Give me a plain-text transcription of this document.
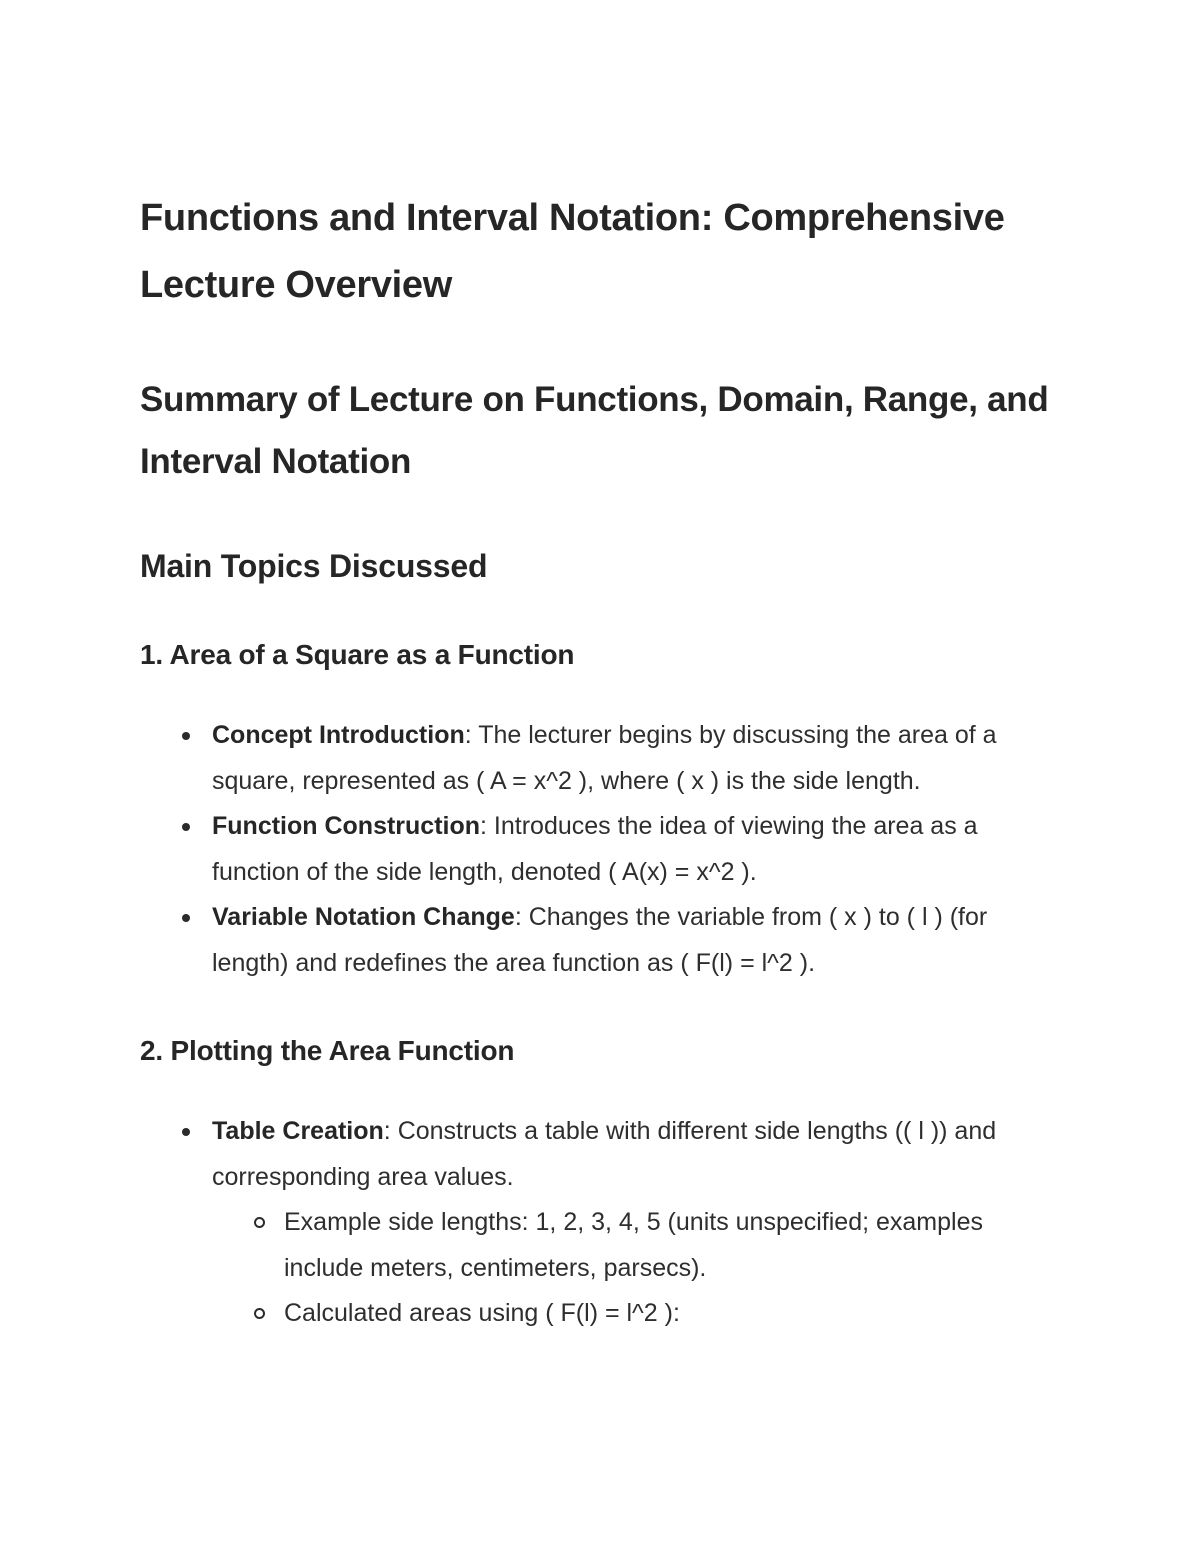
Functions and Interval Notation: Comprehensive Lecture Overview
Summary of Lecture on Functions, Domain, Range, and Interval Notation
Main Topics Discussed
1. Area of a Square as a Function
Concept Introduction: The lecturer begins by discussing the area of a square, represented as ( A = x^2 ), where ( x ) is the side length.
Function Construction: Introduces the idea of viewing the area as a function of the side length, denoted ( A(x) = x^2 ).
Variable Notation Change: Changes the variable from ( x ) to ( l ) (for length) and redefines the area function as ( F(l) = l^2 ).
2. Plotting the Area Function
Table Creation: Constructs a table with different side lengths (( l )) and corresponding area values.
Example side lengths: 1, 2, 3, 4, 5 (units unspecified; examples include meters, centimeters, parsecs).
Calculated areas using ( F(l) = l^2 ):
